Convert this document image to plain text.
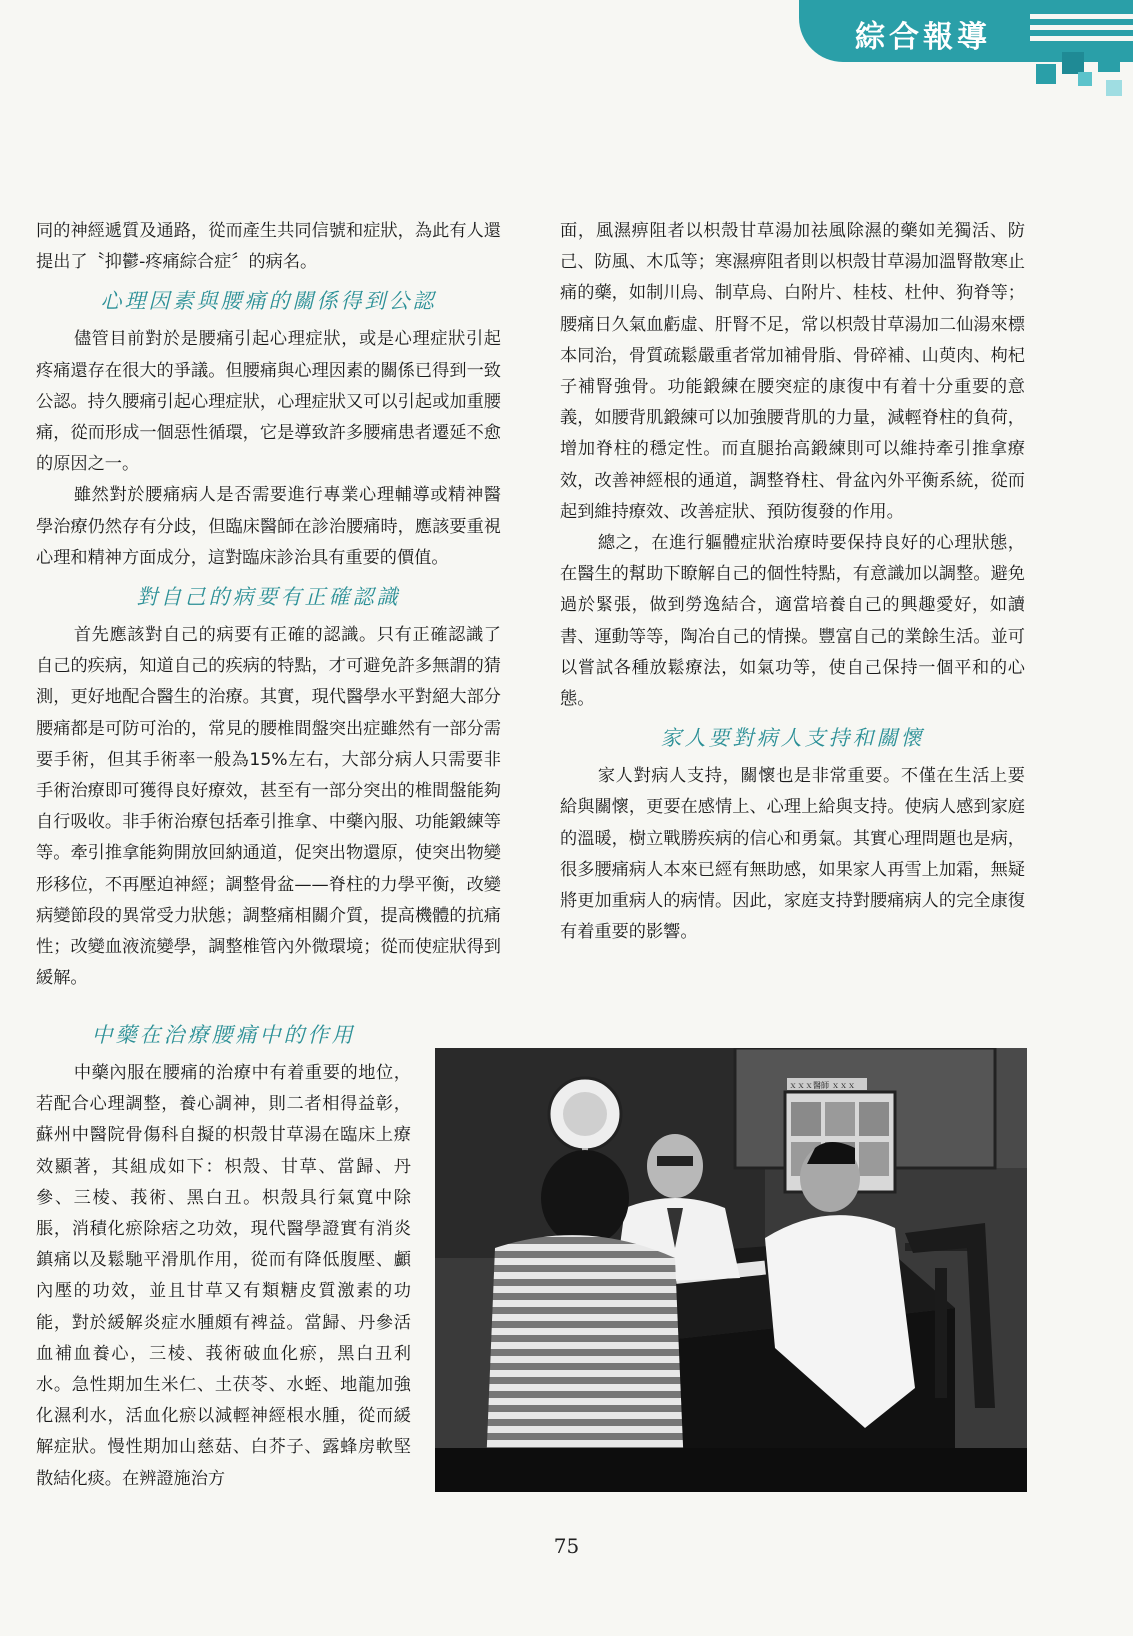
綜合報導

同的神經遞質及通路，從而產生共同信號和症狀，為此有人還提出了〝抑鬱-疼痛綜合症〞的病名。

心理因素與腰痛的關係得到公認

儘管目前對於是腰痛引起心理症狀，或是心理症狀引起疼痛還存在很大的爭議。但腰痛與心理因素的關係已得到一致公認。持久腰痛引起心理症狀，心理症狀又可以引起或加重腰痛，從而形成一個惡性循環，它是導致許多腰痛患者遷延不愈的原因之一。

雖然對於腰痛病人是否需要進行專業心理輔導或精神醫學治療仍然存有分歧，但臨床醫師在診治腰痛時，應該要重視心理和精神方面成分，這對臨床診治具有重要的價值。

對自己的病要有正確認識

首先應該對自己的病要有正確的認識。只有正確認識了自己的疾病，知道自己的疾病的特點，才可避免許多無謂的猜測，更好地配合醫生的治療。其實，現代醫學水平對絕大部分腰痛都是可防可治的，常見的腰椎間盤突出症雖然有一部分需要手術，但其手術率一般為15%左右，大部分病人只需要非手術治療即可獲得良好療效，甚至有一部分突出的椎間盤能夠自行吸收。非手術治療包括牽引推拿、中藥內服、功能鍛練等等。牽引推拿能夠開放回納通道，促突出物還原，使突出物變形移位，不再壓迫神經；調整骨盆——脊柱的力學平衡，改變病變節段的異常受力狀態；調整痛相關介質，提高機體的抗痛性；改變血液流變學，調整椎管內外微環境；從而使症狀得到緩解。

中藥在治療腰痛中的作用

中藥內服在腰痛的治療中有着重要的地位，若配合心理調整，養心調神，則二者相得益彰，蘇州中醫院骨傷科自擬的枳殼甘草湯在臨床上療效顯著，其組成如下：枳殼、甘草、當歸、丹參、三棱、莪術、黑白丑。枳殼具行氣寬中除脹，消積化瘀除痞之功效，現代醫學證實有消炎鎮痛以及鬆馳平滑肌作用，從而有降低腹壓、顱內壓的功效，並且甘草又有類糖皮質激素的功能，對於緩解炎症水腫頗有裨益。當歸、丹參活血補血養心，三棱、莪術破血化瘀，黑白丑利水。急性期加生米仁、土茯苓、水蛭、地龍加強化濕利水，活血化瘀以減輕神經根水腫，從而緩解症狀。慢性期加山慈菇、白芥子、露蜂房軟堅散結化痰。在辨證施治方

面，風濕痹阻者以枳殼甘草湯加祛風除濕的藥如羌獨活、防己、防風、木瓜等；寒濕痹阻者則以枳殼甘草湯加溫腎散寒止痛的藥，如制川烏、制草烏、白附片、桂枝、杜仲、狗脊等；腰痛日久氣血虧虛、肝腎不足，常以枳殼甘草湯加二仙湯來標本同治，骨質疏鬆嚴重者常加補骨脂、骨碎補、山萸肉、枸杞子補腎強骨。功能鍛練在腰突症的康復中有着十分重要的意義，如腰背肌鍛練可以加強腰背肌的力量，減輕脊柱的負荷，增加脊柱的穩定性。而直腿抬高鍛練則可以維持牽引推拿療效，改善神經根的通道，調整脊柱、骨盆內外平衡系統，從而起到維持療效、改善症狀、預防復發的作用。

總之，在進行軀體症狀治療時要保持良好的心理狀態，在醫生的幫助下瞭解自己的個性特點，有意識加以調整。避免過於緊張，做到勞逸結合，適當培養自己的興趣愛好，如讀書、運動等等，陶冶自己的情操。豐富自己的業餘生活。並可以嘗試各種放鬆療法，如氣功等，使自己保持一個平和的心態。

家人要對病人支持和關懷

家人對病人支持，關懷也是非常重要。不僅在生活上要給與關懷，更要在感情上、心理上給與支持。使病人感到家庭的溫暖，樹立戰勝疾病的信心和勇氣。其實心理問題也是病，很多腰痛病人本來已經有無助感，如果家人再雪上加霜，無疑將更加重病人的病情。因此，家庭支持對腰痛病人的完全康復有着重要的影響。

ｘｘｘ醫師 ｘｘｘ
75
